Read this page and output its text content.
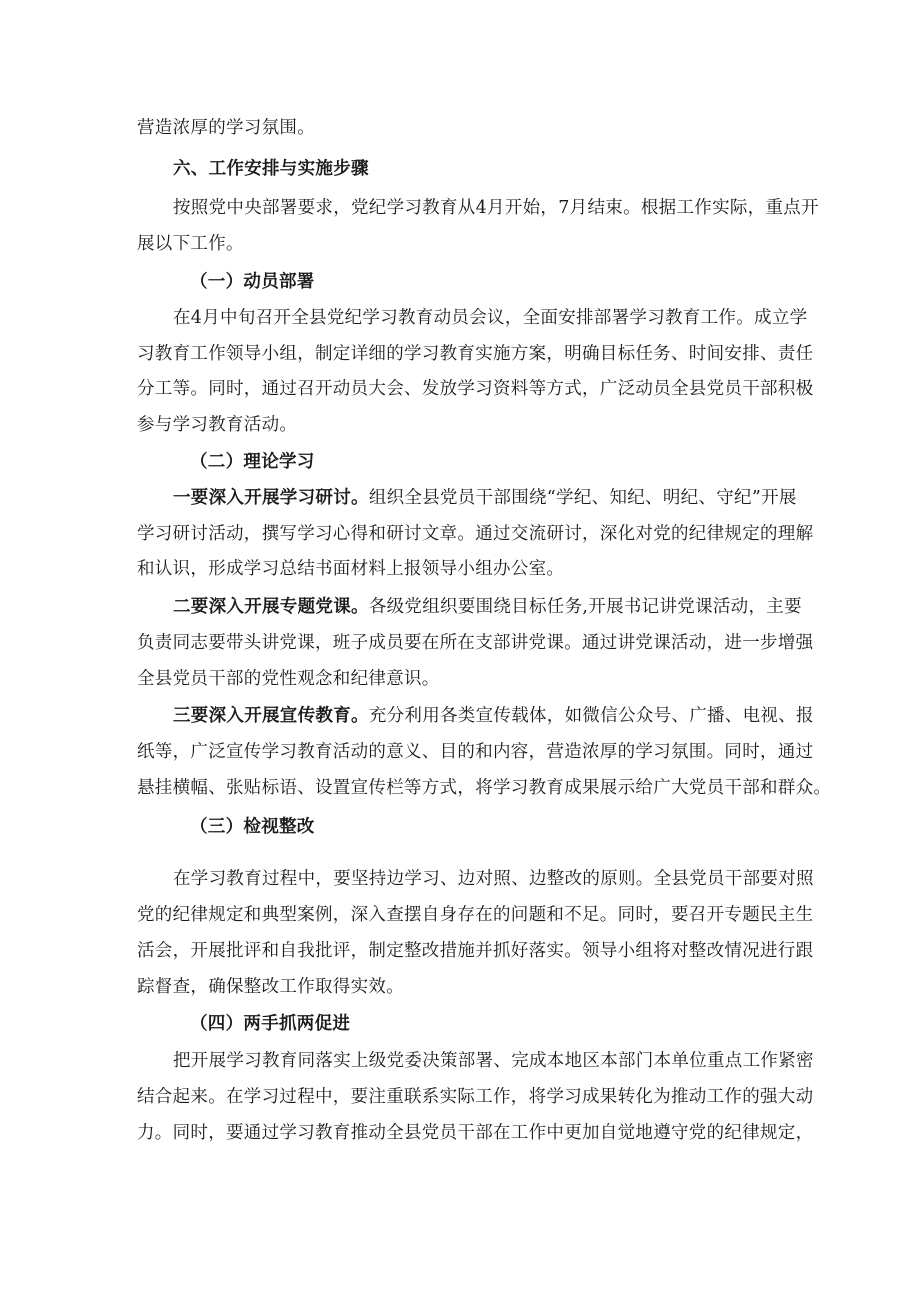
营造浓厚的学习氛围。
六、工作安排与实施步骤
按照党中央部署要求，党纪学习教育从4月开始，7月结束。根据工作实际，重点开
展以下工作。
（一）动员部署
在4月中旬召开全县党纪学习教育动员会议，全面安排部署学习教育工作。成立学
习教育工作领导小组，制定详细的学习教育实施方案，明确目标任务、时间安排、责任
分工等。同时，通过召开动员大会、发放学习资料等方式，广泛动员全县党员干部积极
参与学习教育活动。
（二）理论学习
一要深入开展学习研讨。组织全县党员干部围绕“学纪、知纪、明纪、守纪”开展
学习研讨活动，撰写学习心得和研讨文章。通过交流研讨，深化对党的纪律规定的理解
和认识，形成学习总结书面材料上报领导小组办公室。
二要深入开展专题党课。各级党组织要围绕目标任务,开展书记讲党课活动，主要
负责同志要带头讲党课，班子成员要在所在支部讲党课。通过讲党课活动，进一步增强
全县党员干部的党性观念和纪律意识。
三要深入开展宣传教育。充分利用各类宣传载体，如微信公众号、广播、电视、报
纸等，广泛宣传学习教育活动的意义、目的和内容，营造浓厚的学习氛围。同时，通过
悬挂横幅、张贴标语、设置宣传栏等方式，将学习教育成果展示给广大党员干部和群众。
（三）检视整改
在学习教育过程中，要坚持边学习、边对照、边整改的原则。全县党员干部要对照
党的纪律规定和典型案例，深入查摆自身存在的问题和不足。同时，要召开专题民主生
活会，开展批评和自我批评，制定整改措施并抓好落实。领导小组将对整改情况进行跟
踪督查，确保整改工作取得实效。
（四）两手抓两促进
把开展学习教育同落实上级党委决策部署、完成本地区本部门本单位重点工作紧密
结合起来。在学习过程中，要注重联系实际工作，将学习成果转化为推动工作的强大动
力。同时，要通过学习教育推动全县党员干部在工作中更加自觉地遵守党的纪律规定，
